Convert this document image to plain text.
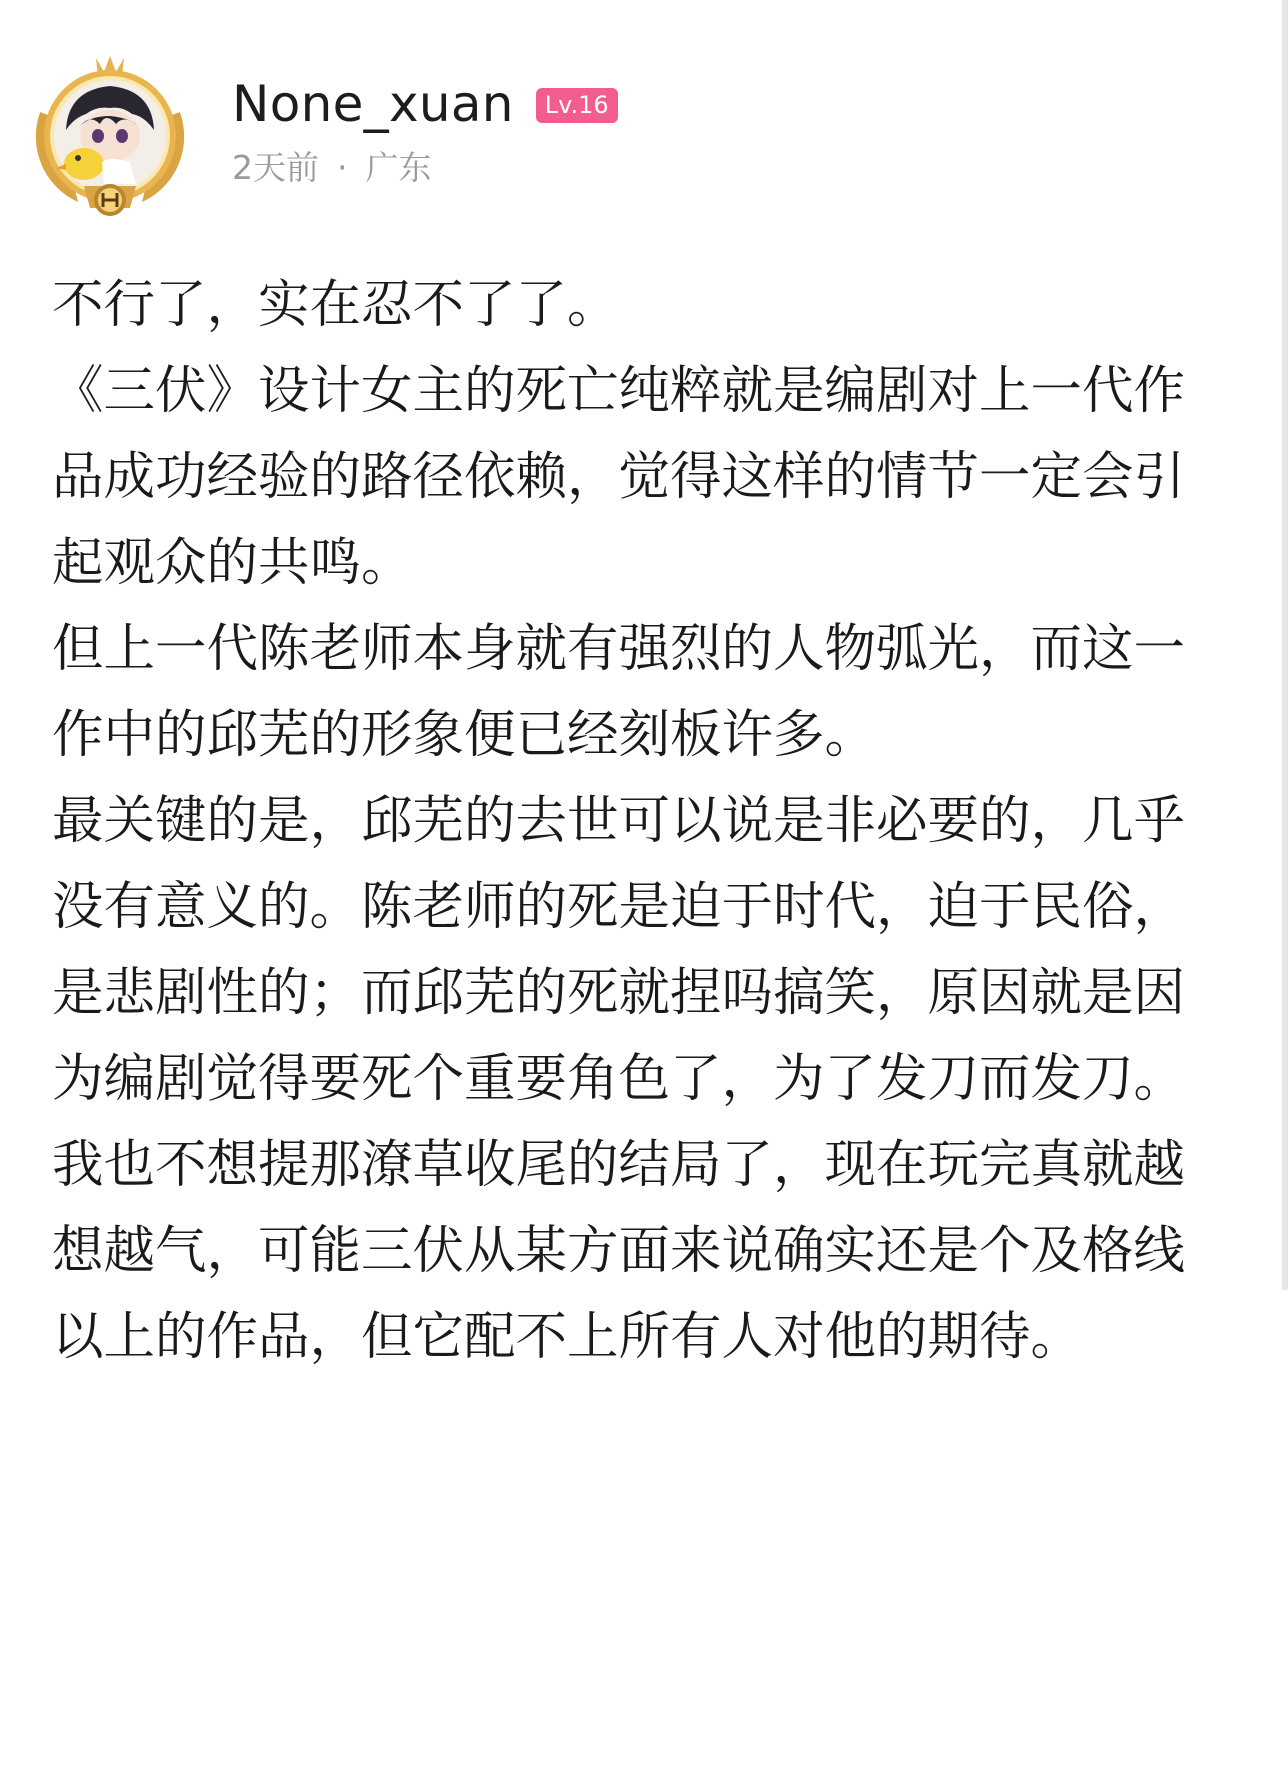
None_xuan	Lv.16
2天前 · 广东

不行了，实在忍不了了。

《三伏》设计女主的死亡纯粹就是编剧对上一代作品成功经验的路径依赖，觉得这样的情节一定会引起观众的共鸣。

但上一代陈老师本身就有强烈的人物弧光，而这一作中的邱芜的形象便已经刻板许多。

最关键的是，邱芜的去世可以说是非必要的，几乎没有意义的。陈老师的死是迫于时代，迫于民俗，是悲剧性的；而邱芜的死就捏吗搞笑，原因就是因为编剧觉得要死个重要角色了，为了发刀而发刀。

我也不想提那潦草收尾的结局了，现在玩完真就越想越气，可能三伏从某方面来说确实还是个及格线以上的作品，但它配不上所有人对他的期待。
